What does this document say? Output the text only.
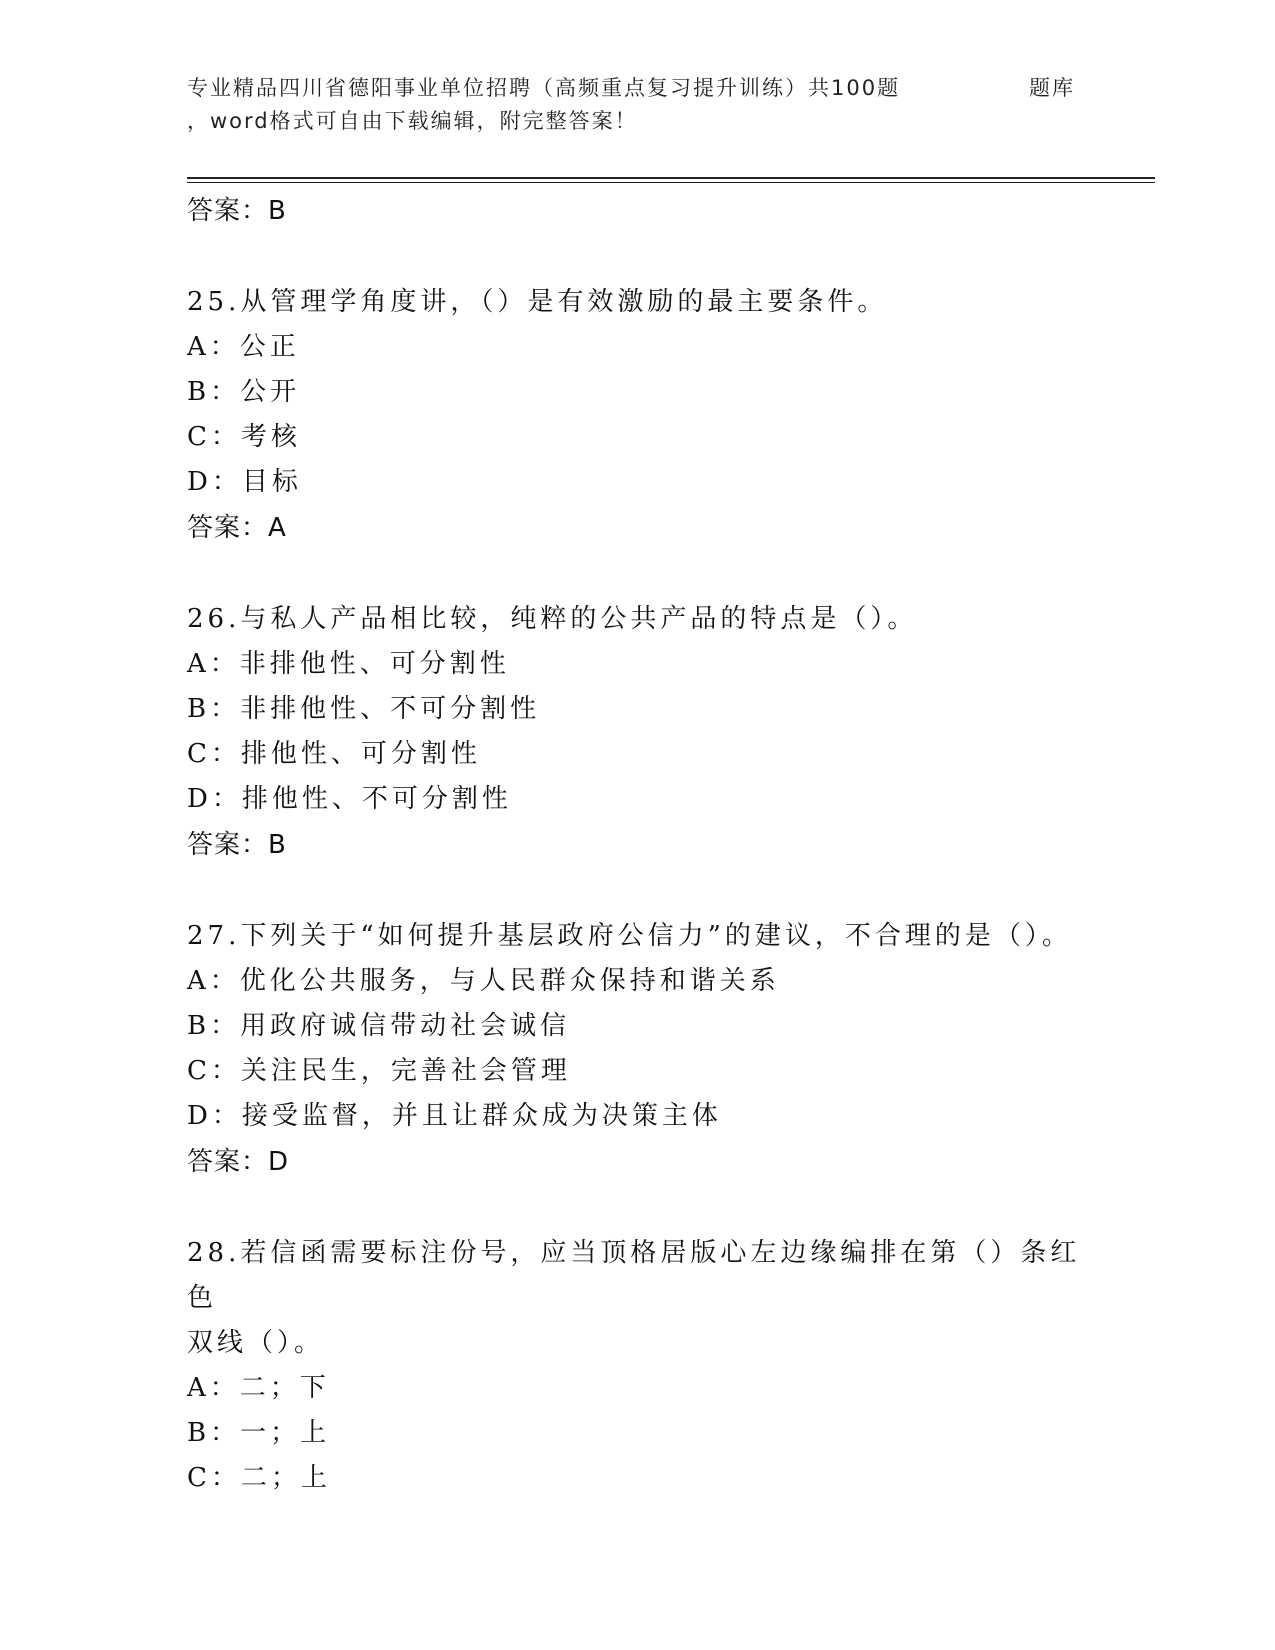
专业精品四川省德阳事业单位招聘（高频重点复习提升训练）共100题	题库
，word格式可自由下载编辑，附完整答案！
答案：B
25.从管理学角度讲，（）是有效激励的最主要条件。
A：公正
B：公开
C：考核
D：目标
答案：A
26.与私人产品相比较，纯粹的公共产品的特点是（）。
A：非排他性、可分割性
B：非排他性、不可分割性
C：排他性、可分割性
D：排他性、不可分割性
答案：B
27.下列关于“如何提升基层政府公信力”的建议，不合理的是（）。
A：优化公共服务，与人民群众保持和谐关系
B：用政府诚信带动社会诚信
C：关注民生，完善社会管理
D：接受监督，并且让群众成为决策主体
答案：D
28.若信函需要标注份号，应当顶格居版心左边缘编排在第（）条红色
双线（）。
A：二；下
B：一；上
C：二；上
